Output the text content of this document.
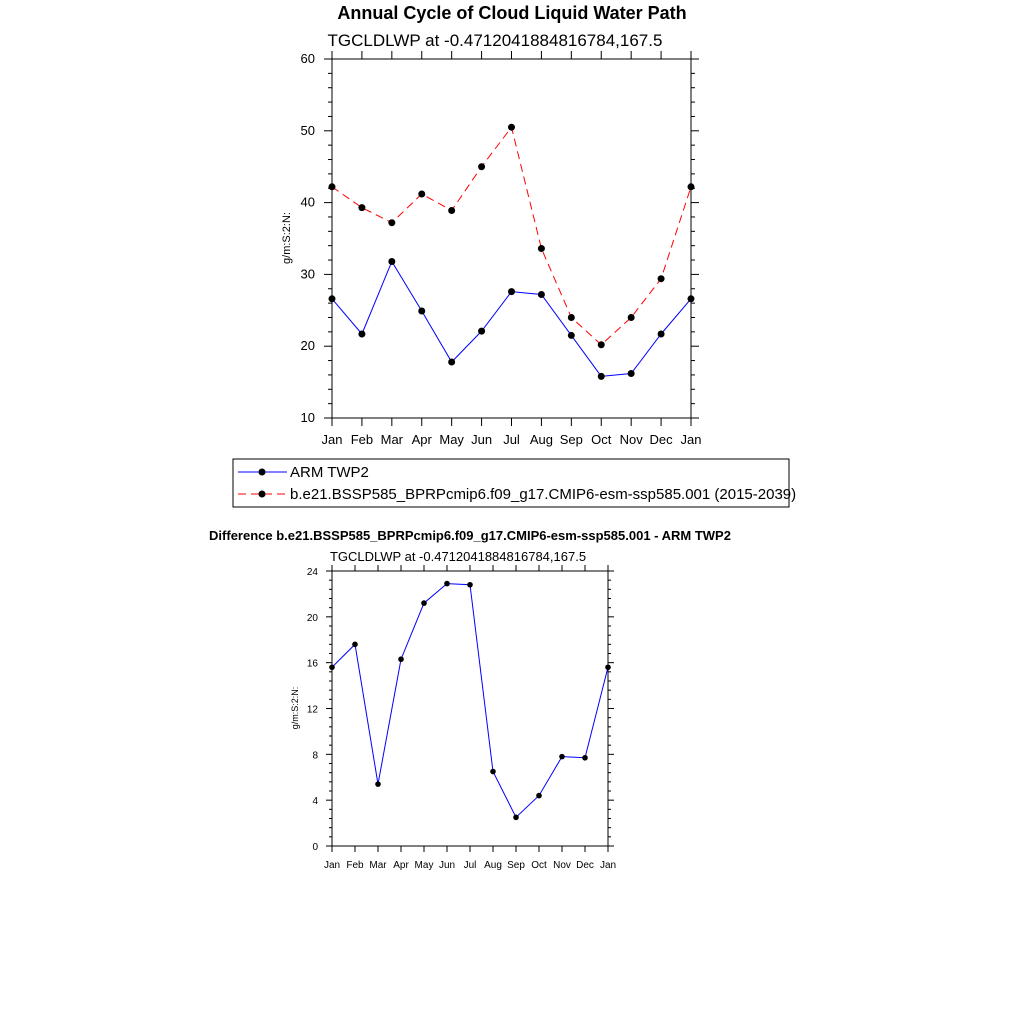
Annual Cycle of Cloud Liquid Water Path
TGCLDLWP at -0.4712041884816784,167.5
g/m:S:2:N:
10
20
30
40
50
60
Jan Feb Mar Apr May Jun Jul Aug Sep Oct Nov Dec Jan
ARM TWP2
b.e21.BSSP585_BPRPcmip6.f09_g17.CMIP6-esm-ssp585.001 (2015-2039)
Difference b.e21.BSSP585_BPRPcmip6.f09_g17.CMIP6-esm-ssp585.001 - ARM TWP2
TGCLDLWP at -0.4712041884816784,167.5
g/m:S:2:N:
0
4
8
12
16
20
24
Jan Feb Mar Apr May Jun Jul Aug Sep Oct Nov Dec Jan
